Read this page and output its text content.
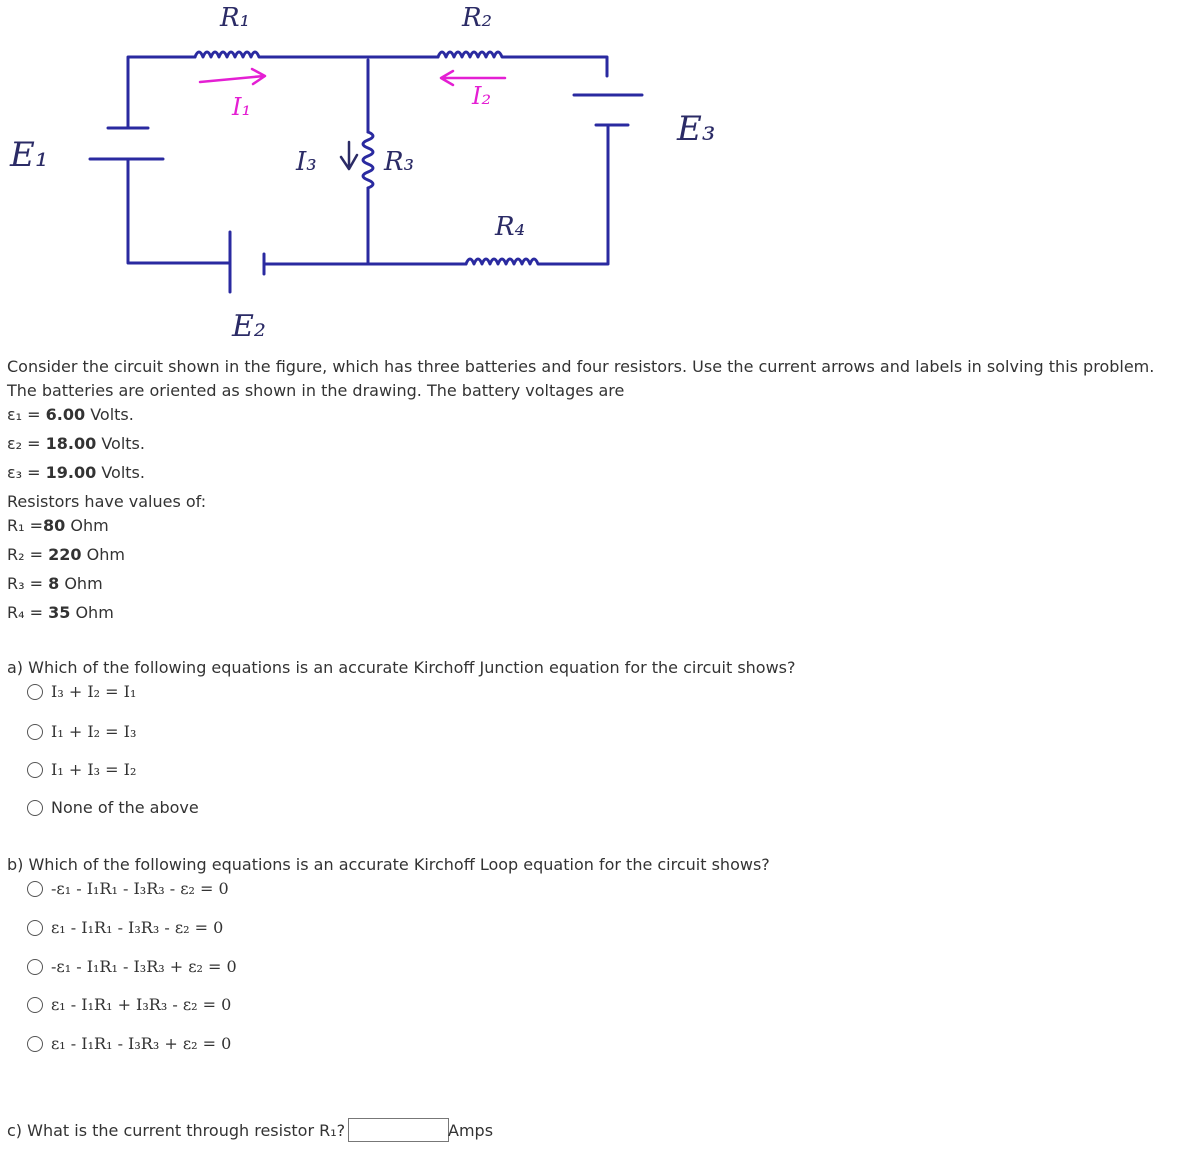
R₁	R₂
R₃
R₄
I₃
E₁
E₂
E₃
I₁	I₂
Consider the circuit shown in the figure, which has three batteries and four resistors. Use the current arrows and labels in solving this problem.
The batteries are oriented as shown in the drawing. The battery voltages are
ε₁ = 6.00 Volts.
ε₂ = 18.00 Volts.
ε₃ = 19.00 Volts.
Resistors have values of:
R₁ =80 Ohm
R₂ = 220 Ohm
R₃ = 8 Ohm
R₄ = 35 Ohm
a) Which of the following equations is an accurate Kirchoff Junction equation for the circuit shows?
I₃ + I₂ = I₁
I₁ + I₂ = I₃
I₁ + I₃ = I₂
None of the above
b) Which of the following equations is an accurate Kirchoff Loop equation for the circuit shows?
-ε₁ - I₁R₁ - I₃R₃ - ε₂ = 0
ε₁ - I₁R₁ - I₃R₃ - ε₂ = 0
-ε₁ - I₁R₁ - I₃R₃ + ε₂ = 0
ε₁ - I₁R₁ + I₃R₃ - ε₂ = 0
ε₁ - I₁R₁ - I₃R₃ + ε₂ = 0
c) What is the current through resistor R₁?	Amps
